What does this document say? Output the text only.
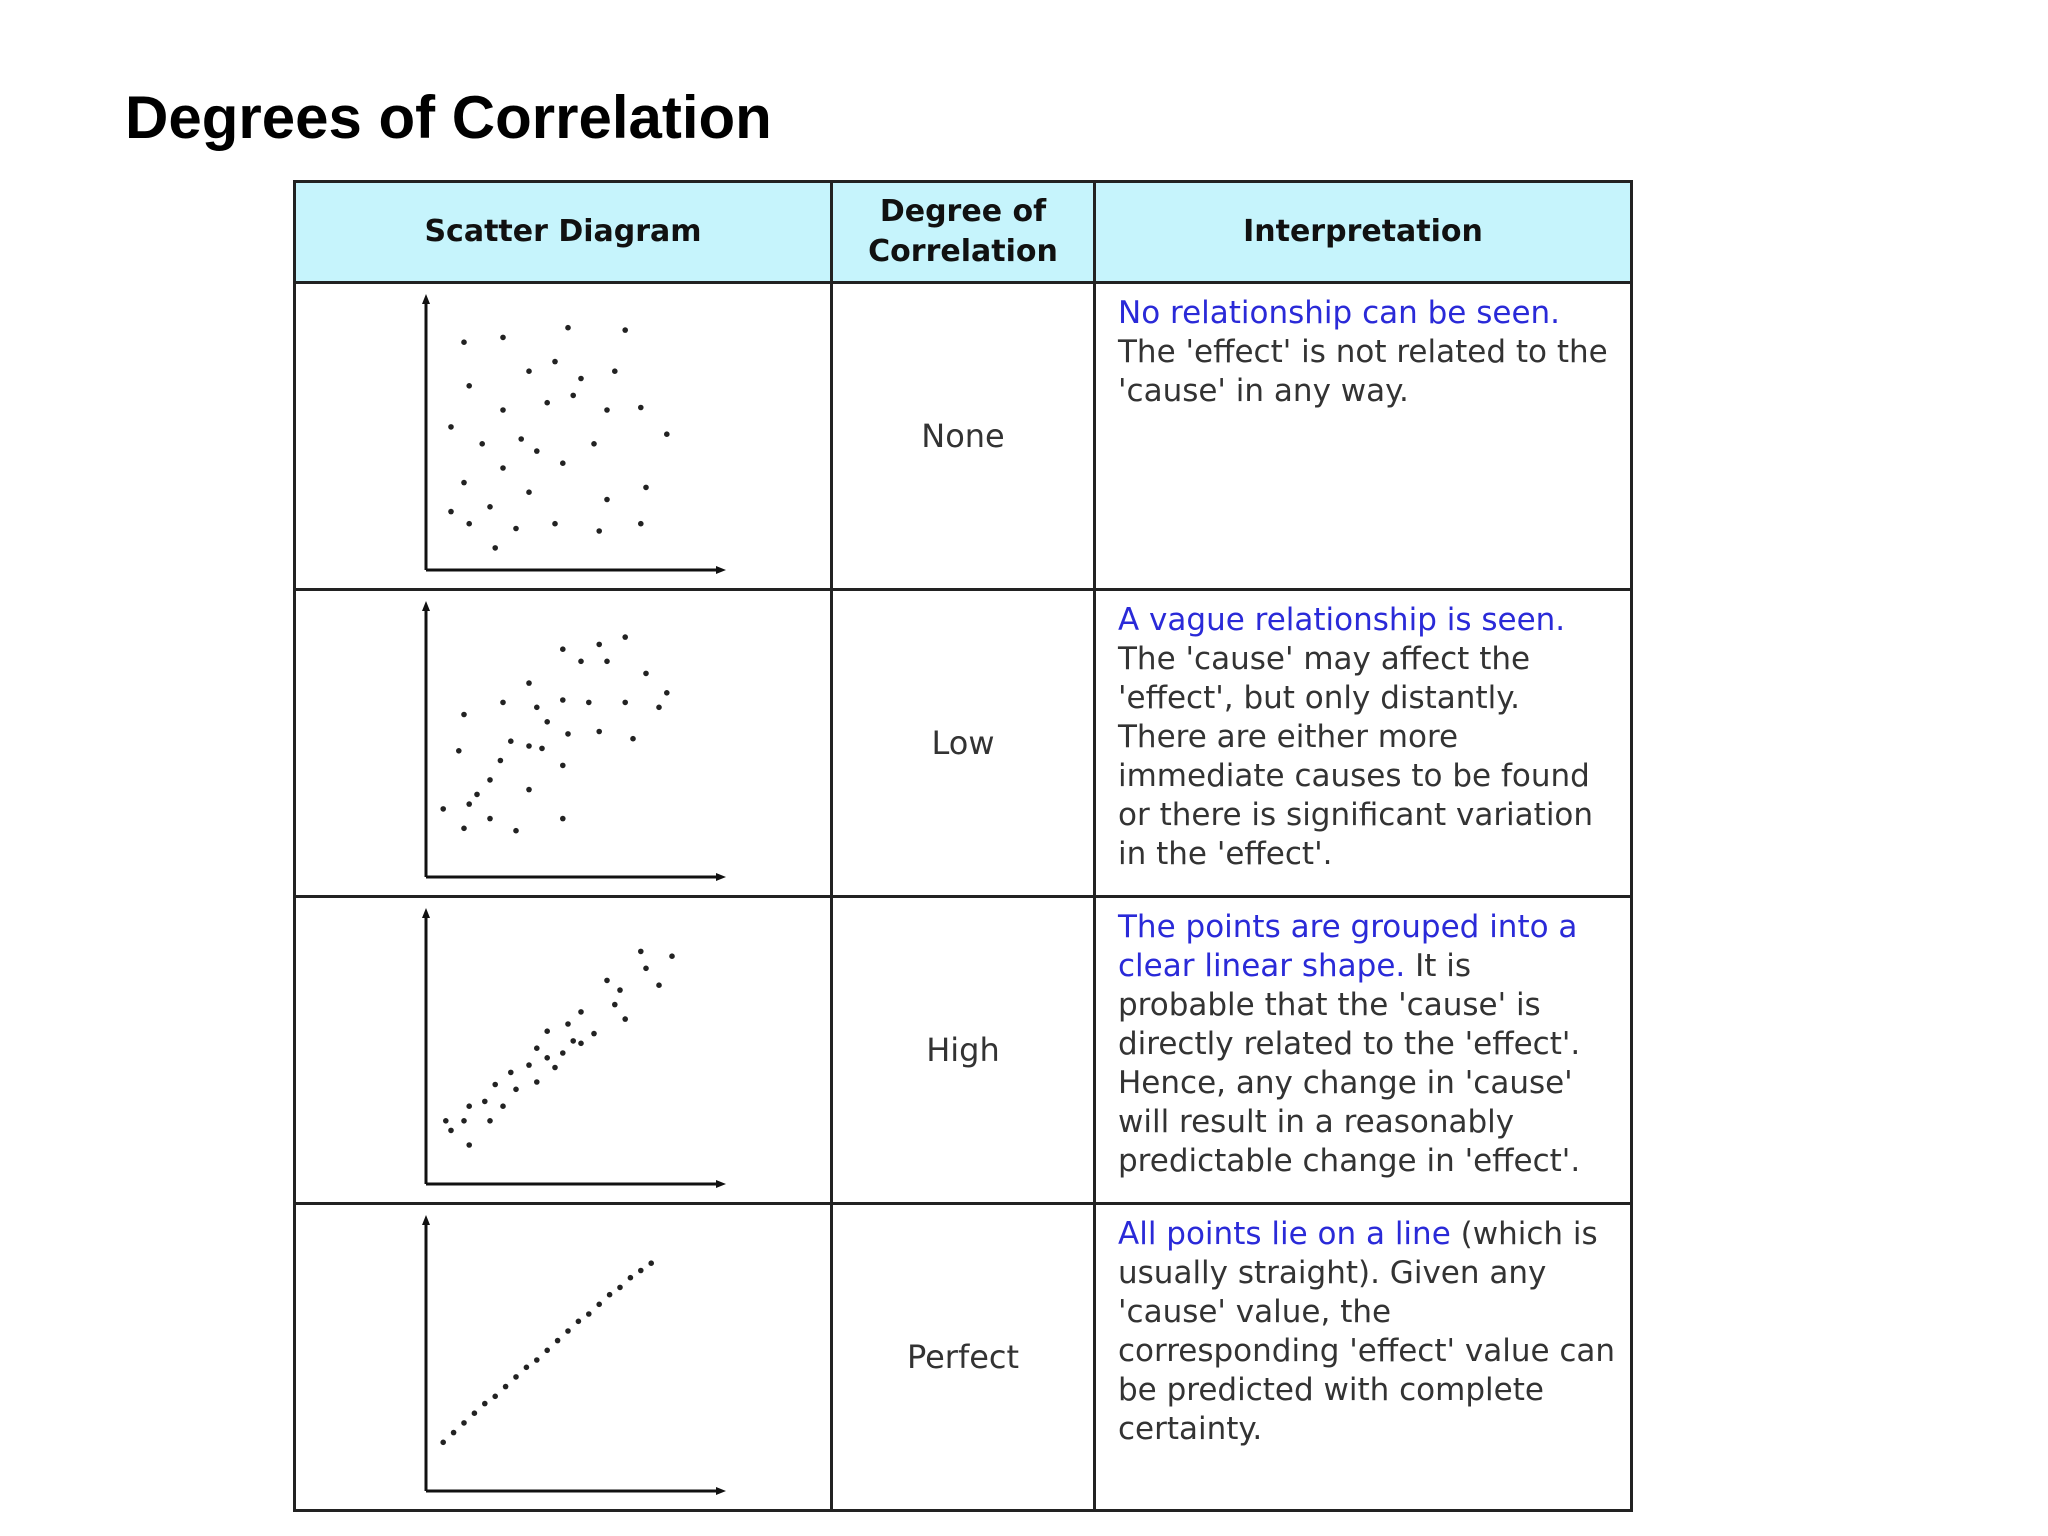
Degrees of Correlation
Scatter Diagram
Degree of
Correlation
Interpretation
None
No relationship can be seen. The 'effect' is not related to the 'cause' in any way.
Low
A vague relationship is seen. The 'cause' may affect the 'effect', but only distantly. There are either more immediate causes to be found or there is significant variation in the 'effect'.
High
The points are grouped into a clear linear shape. It is probable that the 'cause' is directly related to the 'effect'. Hence, any change in 'cause' will result in a reasonably predictable change in 'effect'.
Perfect
All points lie on a line (which is usually straight). Given any 'cause' value, the corresponding 'effect' value can be predicted with complete certainty.
